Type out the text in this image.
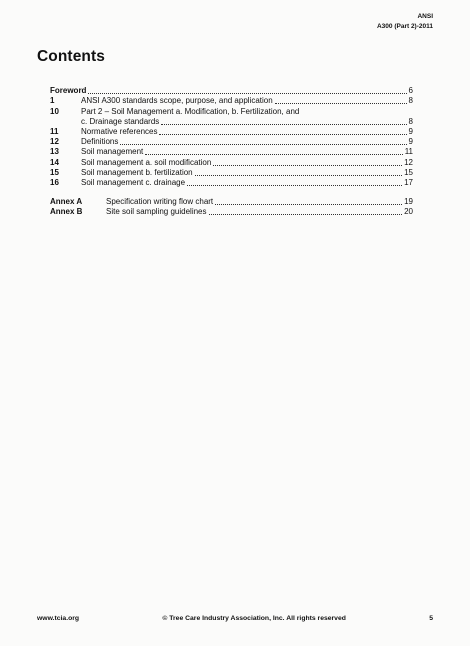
ANSI
A300 (Part 2)-2011
Contents
Foreword	6
1	ANSI A300 standards scope, purpose, and application	8
10	Part 2 – Soil Management a. Modification, b. Fertilization, and
c. Drainage standards	8
11	Normative references	9
12	Definitions	9
13	Soil management	11
14	Soil management a. soil modification	12
15	Soil management b. fertilization	15
16	Soil management c. drainage	17
Annex A	Specification writing flow chart	19
Annex B	Site soil sampling guidelines	20
www.tcia.org	© Tree Care Industry Association, Inc. All rights reserved	5
